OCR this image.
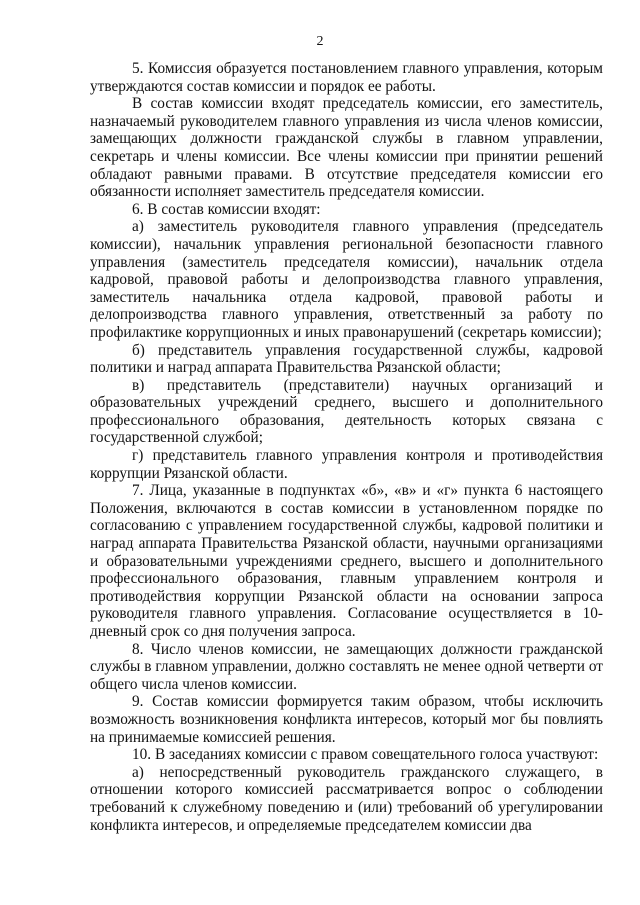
2

5. Комиссия образуется постановлением главного управления, которым утверждаются состав комиссии и порядок ее работы.

В состав комиссии входят председатель комиссии, его заместитель, назначаемый руководителем главного управления из числа членов комиссии, замещающих должности гражданской службы в главном управлении, секретарь и члены комиссии. Все члены комиссии при принятии решений обладают равными правами. В отсутствие председателя комиссии его обязанности исполняет заместитель председателя комиссии.

6. В состав комиссии входят:

а) заместитель руководителя главного управления (председатель комиссии), начальник управления региональной безопасности главного управления (заместитель председателя комиссии), начальник отдела кадровой, правовой работы и делопроизводства главного управления, заместитель начальника отдела кадровой, правовой работы и делопроизводства главного управления, ответственный за работу по профилактике коррупционных и иных правонарушений (секретарь комиссии);

б) представитель управления государственной службы, кадровой политики и наград аппарата Правительства Рязанской области;

в) представитель (представители) научных организаций и образовательных учреждений среднего, высшего и дополнительного профессионального образования, деятельность которых связана с государственной службой;

г) представитель главного управления контроля и противодействия коррупции Рязанской области.

7. Лица, указанные в подпунктах «б», «в» и «г» пункта 6 настоящего Положения, включаются в состав комиссии в установленном порядке по согласованию с управлением государственной службы, кадровой политики и наград аппарата Правительства Рязанской области, научными организациями и образовательными учреждениями среднего, высшего и дополнительного профессионального образования, главным управлением контроля и противодействия коррупции Рязанской области на основании запроса руководителя главного управления. Согласование осуществляется в 10-дневный срок со дня получения запроса.

8. Число членов комиссии, не замещающих должности гражданской службы в главном управлении, должно составлять не менее одной четверти от общего числа членов комиссии.

9. Состав комиссии формируется таким образом, чтобы исключить возможность возникновения конфликта интересов, который мог бы повлиять на принимаемые комиссией решения.

10. В заседаниях комиссии с правом совещательного голоса участвуют:

а) непосредственный руководитель гражданского служащего, в отношении которого комиссией рассматривается вопрос о соблюдении требований к служебному поведению и (или) требований об урегулировании конфликта интересов, и определяемые председателем комиссии два
